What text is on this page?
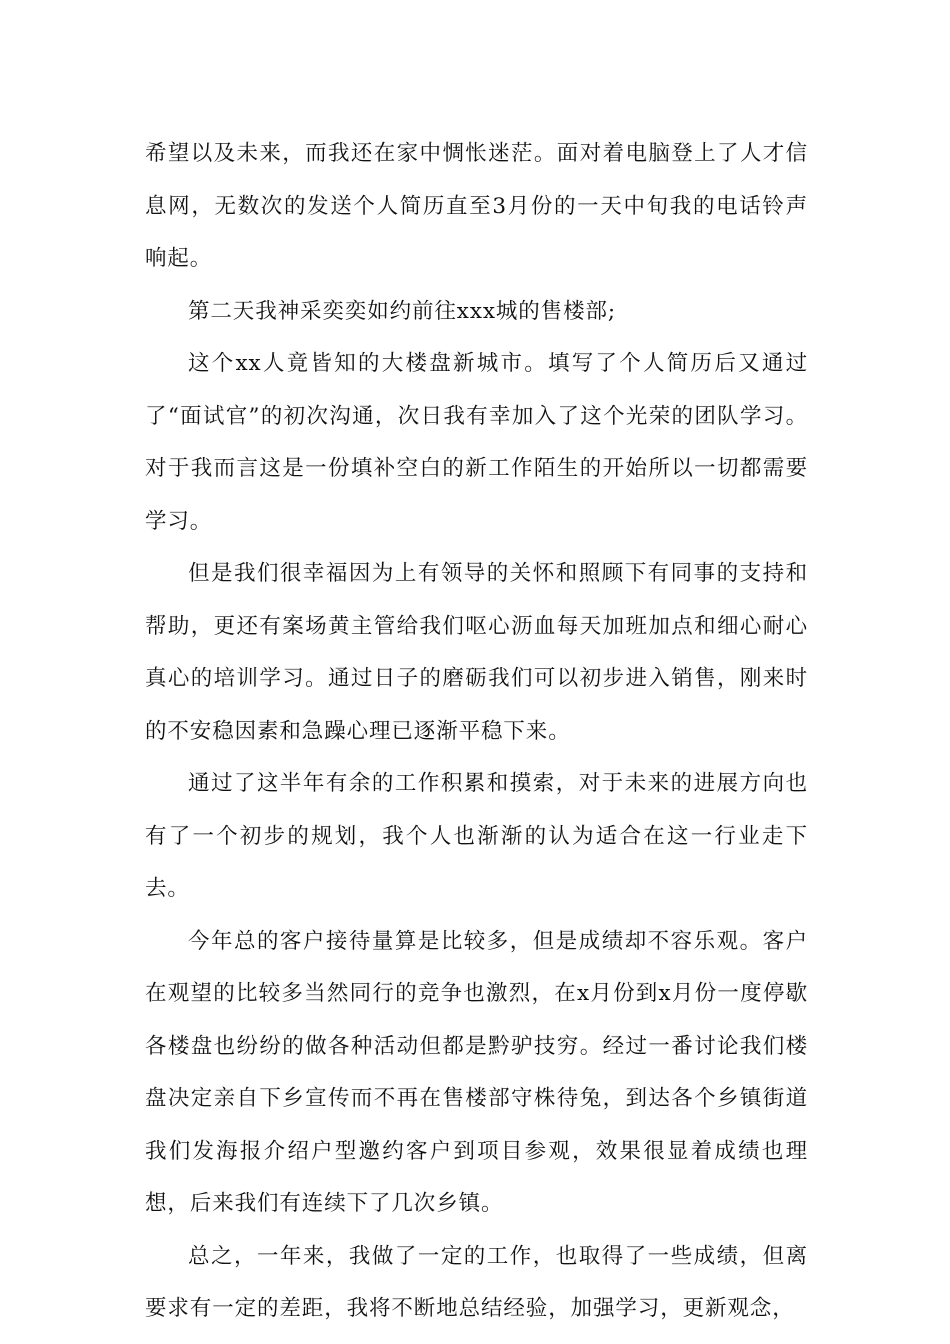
希望以及未来，而我还在家中惆怅迷茫。面对着电脑登上了人才信息网，无数次的发送个人简历直至3月份的一天中旬我的电话铃声响起。

第二天我神采奕奕如约前往xxx城的售楼部;

这个xx人竟皆知的大楼盘新城市。填写了个人简历后又通过了“面试官”的初次沟通，次日我有幸加入了这个光荣的团队学习。对于我而言这是一份填补空白的新工作陌生的开始所以一切都需要学习。

但是我们很幸福因为上有领导的关怀和照顾下有同事的支持和帮助，更还有案场黄主管给我们呕心沥血每天加班加点和细心耐心真心的培训学习。通过日子的磨砺我们可以初步进入销售，刚来时的不安稳因素和急躁心理已逐渐平稳下来。

通过了这半年有余的工作积累和摸索，对于未来的进展方向也有了一个初步的规划，我个人也渐渐的认为适合在这一行业走下去。

今年总的客户接待量算是比较多，但是成绩却不容乐观。客户在观望的比较多当然同行的竞争也激烈，在x月份到x月份一度停歇各楼盘也纷纷的做各种活动但都是黔驴技穷。经过一番讨论我们楼盘决定亲自下乡宣传而不再在售楼部守株待兔，到达各个乡镇街道我们发海报介绍户型邀约客户到项目参观，效果很显着成绩也理想，后来我们有连续下了几次乡镇。

总之，一年来，我做了一定的工作，也取得了一些成绩，但离要求有一定的差距，我将不断地总结经验，加强学习，更新观念，
